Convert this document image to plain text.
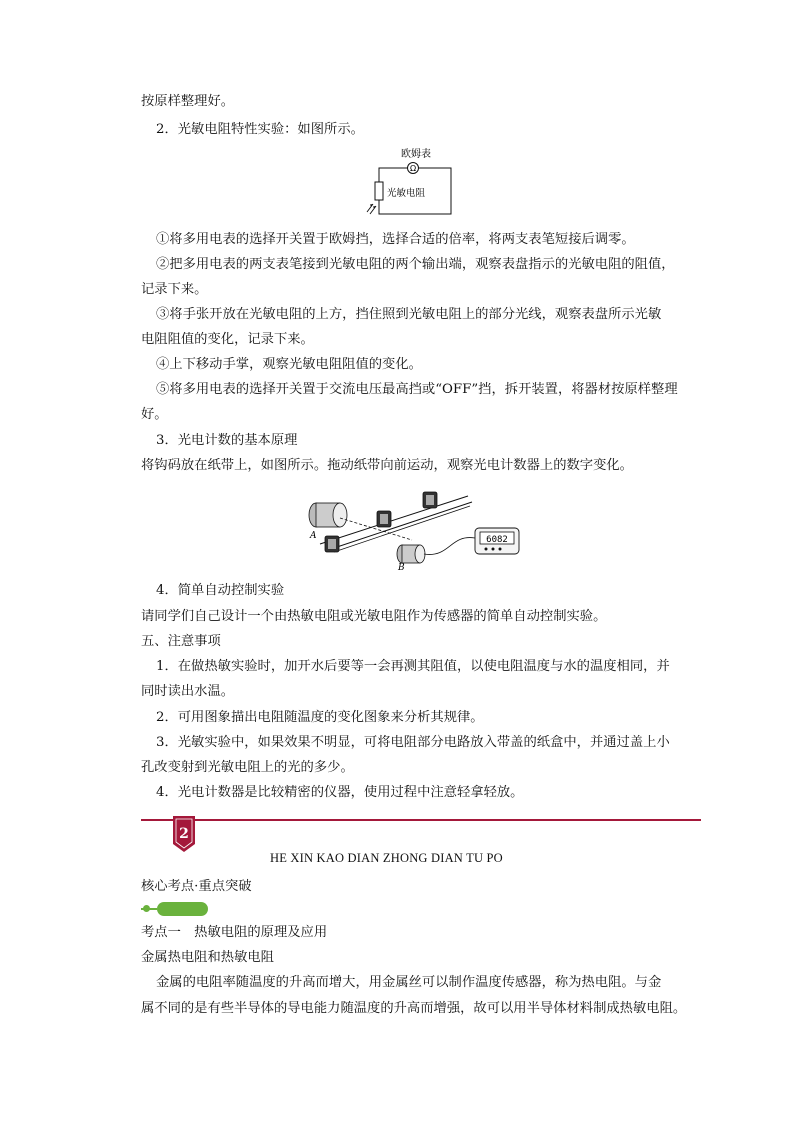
按原样整理好。

2．光敏电阻特性实验：如图所示。

Ω
欧姆表
光敏电阻

①将多用电表的选择开关置于欧姆挡，选择合适的倍率，将两支表笔短接后调零。

②把多用电表的两支表笔接到光敏电阻的两个输出端，观察表盘指示的光敏电阻的阻值，

记录下来。

③将手张开放在光敏电阻的上方，挡住照到光敏电阻上的部分光线，观察表盘所示光敏

电阻阻值的变化，记录下来。

④上下移动手掌，观察光敏电阻阻值的变化。

⑤将多用电表的选择开关置于交流电压最高挡或“OFF”挡，拆开装置，将器材按原样整理

好。

3．光电计数的基本原理

将钩码放在纸带上，如图所示。拖动纸带向前运动，观察光电计数器上的数字变化。

A
B
6082

4．简单自动控制实验

请同学们自己设计一个由热敏电阻或光敏电阻作为传感器的简单自动控制实验。

五、注意事项

1．在做热敏实验时，加开水后要等一会再测其阻值，以使电阻温度与水的温度相同，并

同时读出水温。

2．可用图象描出电阻随温度的变化图象来分析其规律。

3．光敏实验中，如果效果不明显，可将电阻部分电路放入带盖的纸盒中，并通过盖上小

孔改变射到光敏电阻上的光的多少。

4．光电计数器是比较精密的仪器，使用过程中注意轻拿轻放。

2
HE XIN KAO DIAN ZHONG DIAN TU PO

核心考点·重点突破

考点一　热敏电阻的原理及应用

金属热电阻和热敏电阻

金属的电阻率随温度的升高而增大，用金属丝可以制作温度传感器，称为热电阻。与金

属不同的是有些半导体的导电能力随温度的升高而增强，故可以用半导体材料制成热敏电阻。
